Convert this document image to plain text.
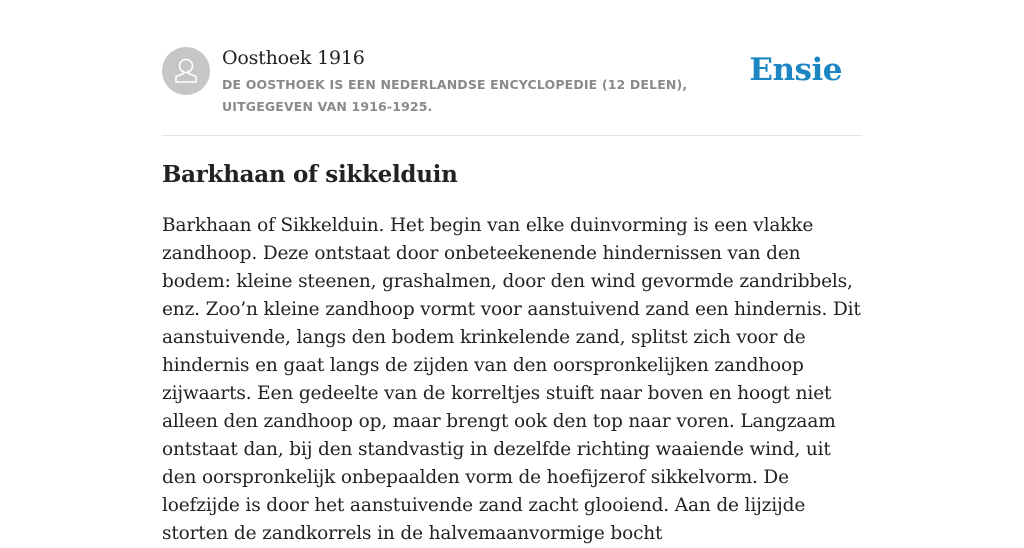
Oosthoek 1916
DE OOSTHOEK IS EEN NEDERLANDSE ENCYCLOPEDIE (12 DELEN), UITGEGEVEN VAN 1916-1925.
Ensie
Barkhaan of sikkelduin

Barkhaan of Sikkelduin. Het begin van elke duinvorming is een vlakke zandhoop. Deze ontstaat door onbeteekenende hindernissen van den bodem: kleine steenen, grashalmen, door den wind gevormde zandribbels, enz. Zoo’n kleine zandhoop vormt voor aanstuivend zand een hindernis. Dit aanstuivende, langs den bodem krinkelende zand, splitst zich voor de hindernis en gaat langs de zijden van den oorspronkelijken zandhoop zijwaarts. Een gedeelte van de korreltjes stuift naar boven en hoogt niet alleen den zandhoop op, maar brengt ook den top naar voren. Langzaam ontstaat dan, bij den standvastig in dezelfde richting waaiende wind, uit den oorspronkelijk onbepaalden vorm de hoefijzerof sikkelvorm. De loefzijde is door het aanstuivende zand zacht glooiend. Aan de lijzijde storten de zandkorrels in de halvemaanvormige bocht
